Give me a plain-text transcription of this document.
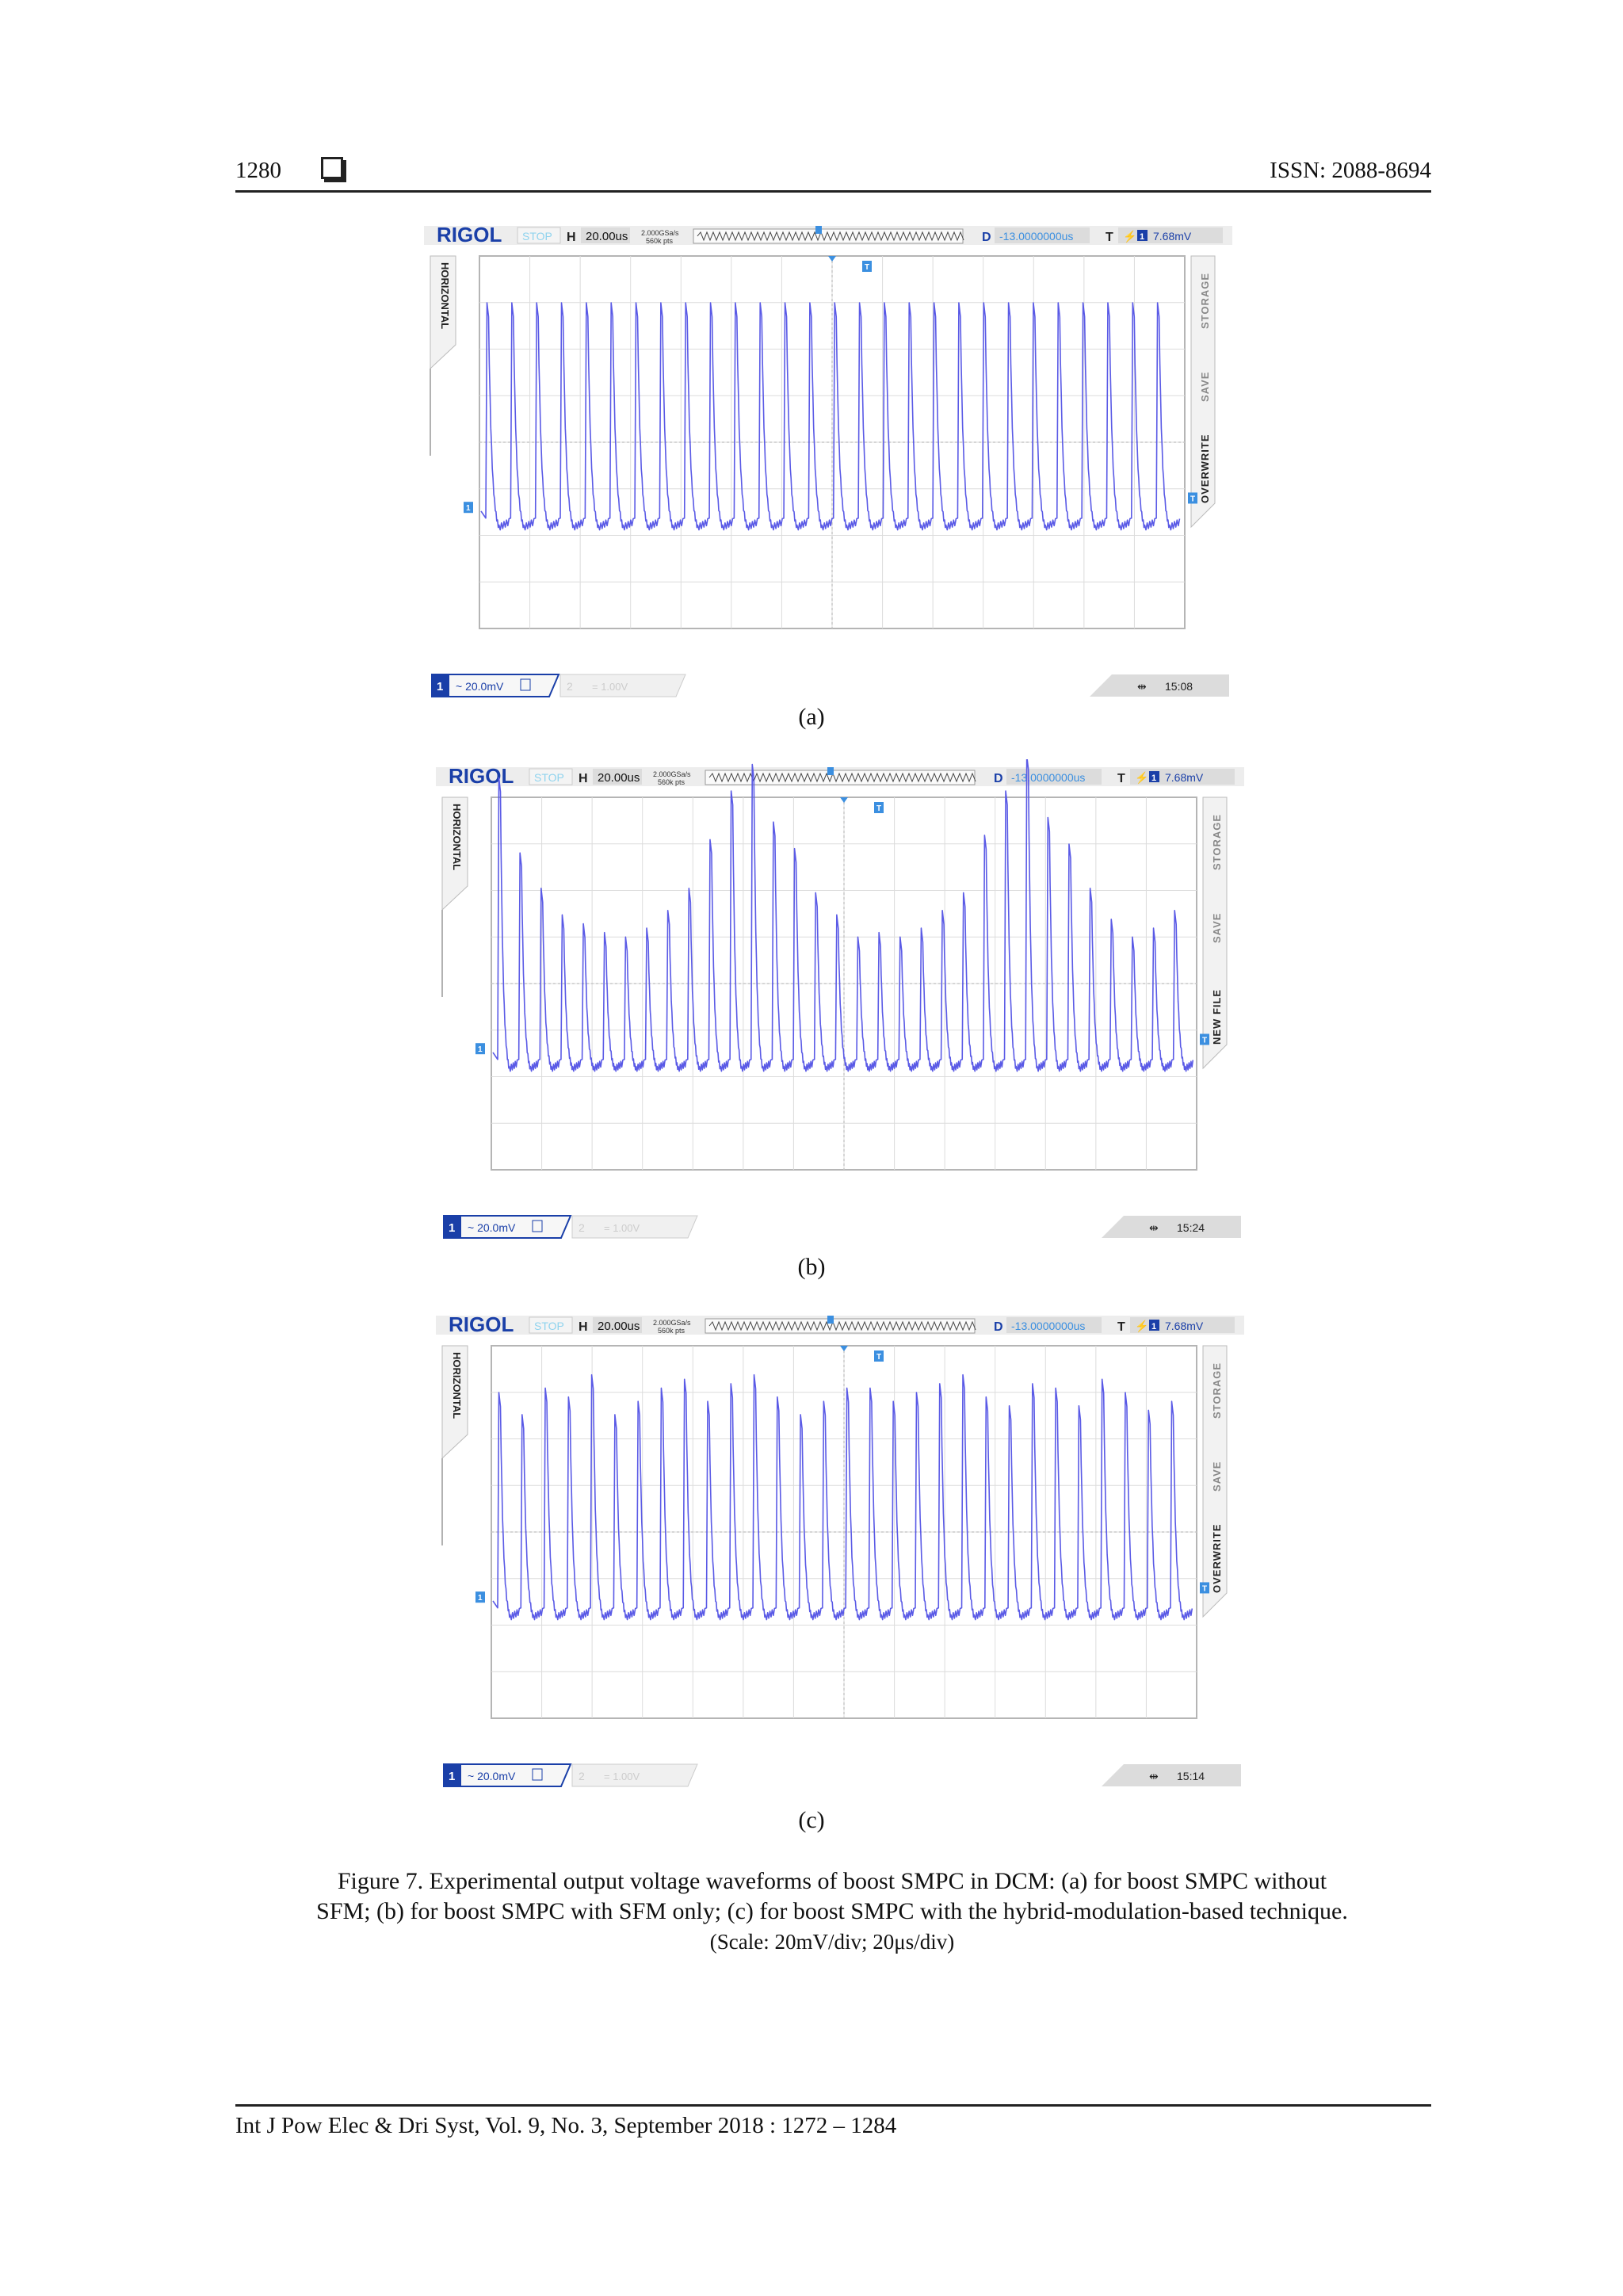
1280	ISSN: 2088-8694
RIGOL STOP H 20.00us 2.000GSa/s
560k pts	D -13.0000000us	T ⚡ 1 7.68mV
HORIZONTAL	STORAGE
SAVE
OVERWRITE
T
1
T
1 ~ 20.0mV	2 = 1.00V	⇹ 15:08
(a)
RIGOL STOP H 20.00us 2.000GSa/s
560k pts	D -13.0000000us	T ⚡ 1 7.68mV
HORIZONTAL	STORAGE
SAVE
NEW FILE
T
1
T
1 ~ 20.0mV	2 = 1.00V	⇹ 15:24
(b)
RIGOL STOP H 20.00us 2.000GSa/s
560k pts	D -13.0000000us	T ⚡ 1 7.68mV
HORIZONTAL	STORAGE
SAVE
OVERWRITE
T
1
T
1 ~ 20.0mV	2 = 1.00V	⇹ 15:14
(c)
Figure 7. Experimental output voltage waveforms of boost SMPC in DCM: (a) for boost SMPC without
SFM; (b) for boost SMPC with SFM only; (c) for boost SMPC with the hybrid-modulation-based technique.
(Scale: 20mV/div; 20μs/div)
Int J Pow Elec & Dri Syst, Vol. 9, No. 3, September 2018 : 1272 – 1284
